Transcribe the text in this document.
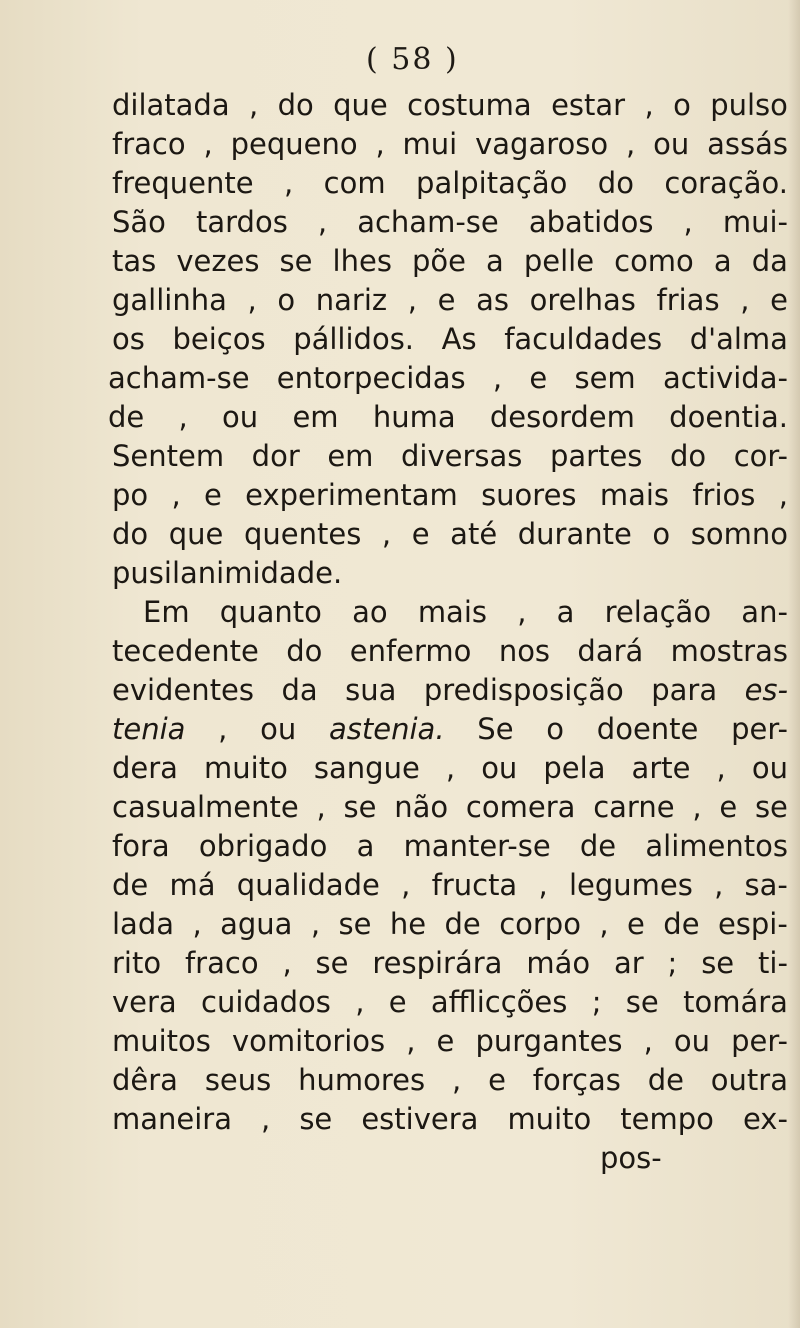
( 58 )
dilatada , do que costuma estar , o pulso
fraco , pequeno , mui vagaroso , ou assás
frequente , com palpitação do coração.
São tardos , acham-se abatidos , mui-
tas vezes se lhes põe a pelle como a da
gallinha , o nariz , e as orelhas frias , e
os beiços pállidos. As faculdades d'alma
acham-se entorpecidas , e sem activida-
de , ou em huma desordem doentia.
Sentem dor em diversas partes do cor-
po , e experimentam suores mais frios ,
do que quentes , e até durante o somno
pusilanimidade.
Em quanto ao mais , a relação an-
tecedente do enfermo nos dará mostras
evidentes da sua predisposição para es-
tenia , ou astenia. Se o doente per-
dera muito sangue , ou pela arte , ou
casualmente , se não comera carne , e se
fora obrigado a manter-se de alimentos
de má qualidade , fructa , legumes , sa-
lada , agua , se he de corpo , e de espi-
rito fraco , se respirára máo ar ; se ti-
vera cuidados , e afflicções ; se tomára
muitos vomitorios , e purgantes , ou per-
dêra seus humores , e forças de outra
maneira , se estivera muito tempo ex-
pos-
